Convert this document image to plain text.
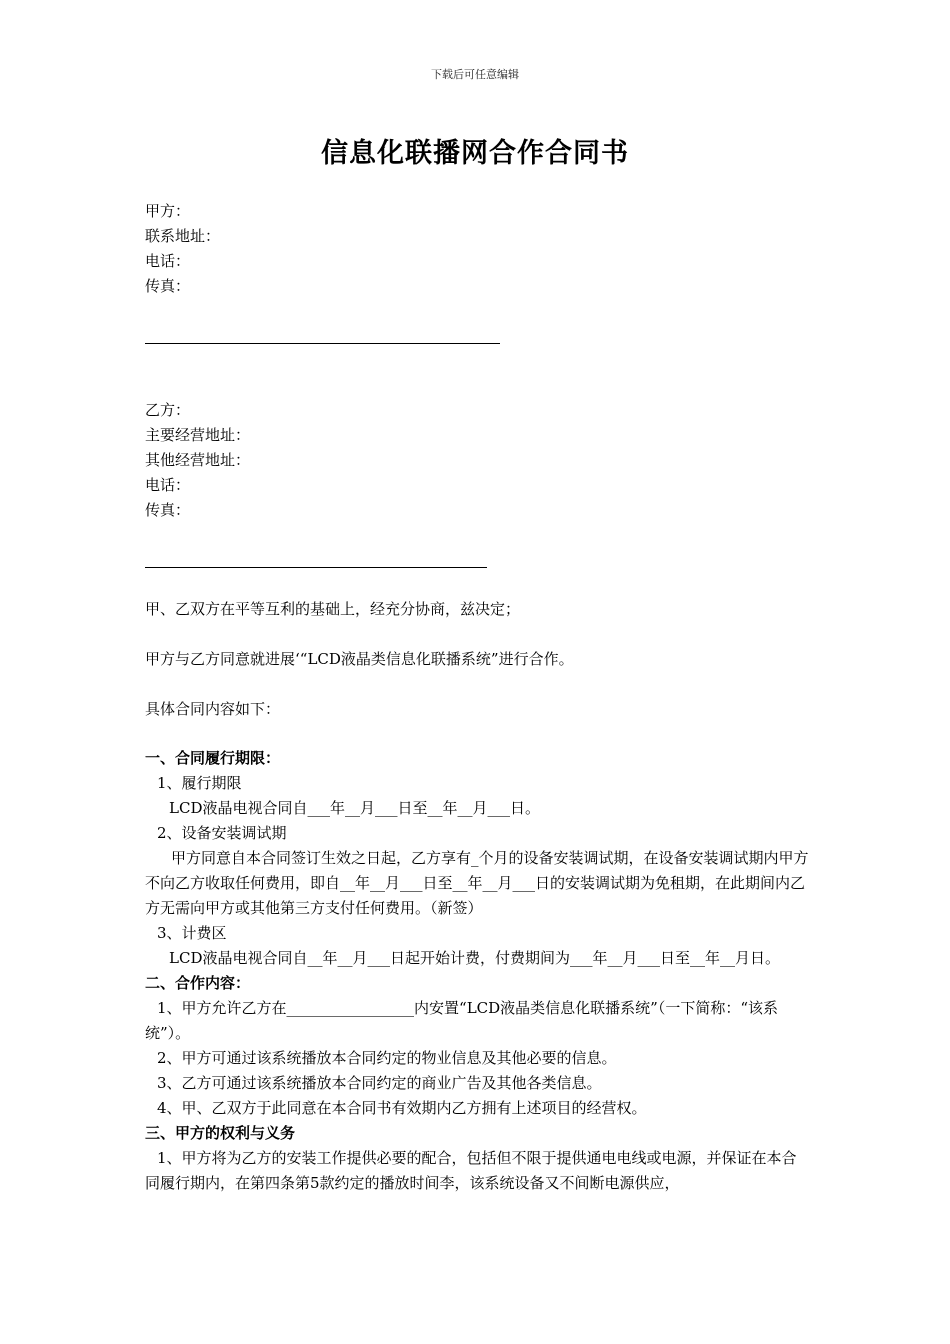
下载后可任意编辑
信息化联播网合作合同书
甲方：
联系地址：
电话：
传真：
乙方：
主要经营地址：
其他经营地址：
电话：
传真：
甲、乙双方在平等互利的基础上，经充分协商，兹决定；
甲方与乙方同意就进展‘“LCD液晶类信息化联播系统”进行合作。
具体合同内容如下：

一、合同履行期限：

1、履行期限

LCD液晶电视合同自___年__月___日至__年__月___日。

2、设备安装调试期

甲方同意自本合同签订生效之日起，乙方享有_个月的设备安装调试期，在设备安装调试期内甲方不向乙方收取任何费用，即自__年__月___日至__年__月___日的安装调试期为免租期，在此期间内乙方无需向甲方或其他第三方支付任何费用。（新签）

3、计费区

LCD液晶电视合同自__年__月___日起开始计费，付费期间为___年__月___日至__年__月日。

二、合作内容：

1、甲方允许乙方在_________________内安置“LCD液晶类信息化联播系统”（一下简称：“该系统”）。

2、甲方可通过该系统播放本合同约定的物业信息及其他必要的信息。

3、乙方可通过该系统播放本合同约定的商业广告及其他各类信息。

4、甲、乙双方于此同意在本合同书有效期内乙方拥有上述项目的经营权。

三、甲方的权利与义务

1、甲方将为乙方的安装工作提供必要的配合，包括但不限于提供通电电线或电源，并保证在本合同履行期内，在第四条第5款约定的播放时间李，该系统设备又不间断电源供应，
